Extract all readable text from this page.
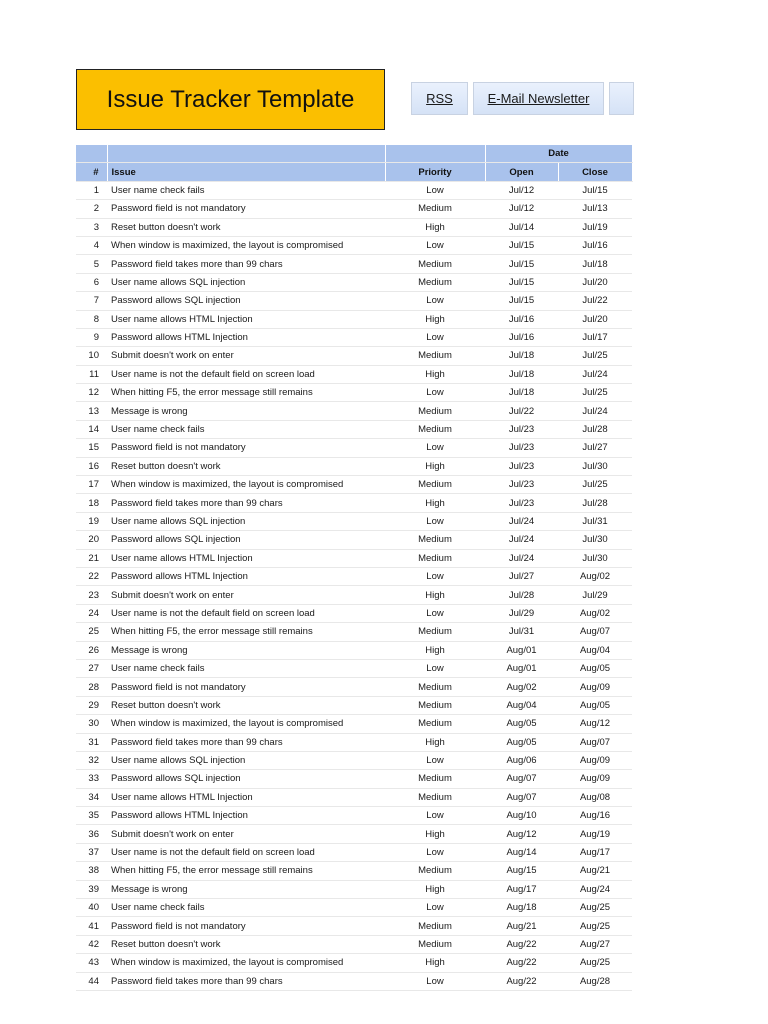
Issue Tracker Template	RSS	E-Mail Newsletter
			Date	
#	Issue	Priority	Open	Close
1	User name check fails	Low	Jul/12	Jul/15
2	Password field is not mandatory	Medium	Jul/12	Jul/13
3	Reset button doesn't work	High	Jul/14	Jul/19
4	When window is maximized, the layout is compromised	Low	Jul/15	Jul/16
5	Password field takes more than 99 chars	Medium	Jul/15	Jul/18
6	User name allows SQL injection	Medium	Jul/15	Jul/20
7	Password allows SQL injection	Low	Jul/15	Jul/22
8	User name allows HTML Injection	High	Jul/16	Jul/20
9	Password allows HTML Injection	Low	Jul/16	Jul/17
10	Submit doesn't work on enter	Medium	Jul/18	Jul/25
11	User name is not the default field on screen load	High	Jul/18	Jul/24
12	When hitting F5, the error message still remains	Low	Jul/18	Jul/25
13	Message is wrong	Medium	Jul/22	Jul/24
14	User name check fails	Medium	Jul/23	Jul/28
15	Password field is not mandatory	Low	Jul/23	Jul/27
16	Reset button doesn't work	High	Jul/23	Jul/30
17	When window is maximized, the layout is compromised	Medium	Jul/23	Jul/25
18	Password field takes more than 99 chars	High	Jul/23	Jul/28
19	User name allows SQL injection	Low	Jul/24	Jul/31
20	Password allows SQL injection	Medium	Jul/24	Jul/30
21	User name allows HTML Injection	Medium	Jul/24	Jul/30
22	Password allows HTML Injection	Low	Jul/27	Aug/02
23	Submit doesn't work on enter	High	Jul/28	Jul/29
24	User name is not the default field on screen load	Low	Jul/29	Aug/02
25	When hitting F5, the error message still remains	Medium	Jul/31	Aug/07
26	Message is wrong	High	Aug/01	Aug/04
27	User name check fails	Low	Aug/01	Aug/05
28	Password field is not mandatory	Medium	Aug/02	Aug/09
29	Reset button doesn't work	Medium	Aug/04	Aug/05
30	When window is maximized, the layout is compromised	Medium	Aug/05	Aug/12
31	Password field takes more than 99 chars	High	Aug/05	Aug/07
32	User name allows SQL injection	Low	Aug/06	Aug/09
33	Password allows SQL injection	Medium	Aug/07	Aug/09
34	User name allows HTML Injection	Medium	Aug/07	Aug/08
35	Password allows HTML Injection	Low	Aug/10	Aug/16
36	Submit doesn't work on enter	High	Aug/12	Aug/19
37	User name is not the default field on screen load	Low	Aug/14	Aug/17
38	When hitting F5, the error message still remains	Medium	Aug/15	Aug/21
39	Message is wrong	High	Aug/17	Aug/24
40	User name check fails	Low	Aug/18	Aug/25
41	Password field is not mandatory	Medium	Aug/21	Aug/25
42	Reset button doesn't work	Medium	Aug/22	Aug/27
43	When window is maximized, the layout is compromised	High	Aug/22	Aug/25
44	Password field takes more than 99 chars	Low	Aug/22	Aug/28
